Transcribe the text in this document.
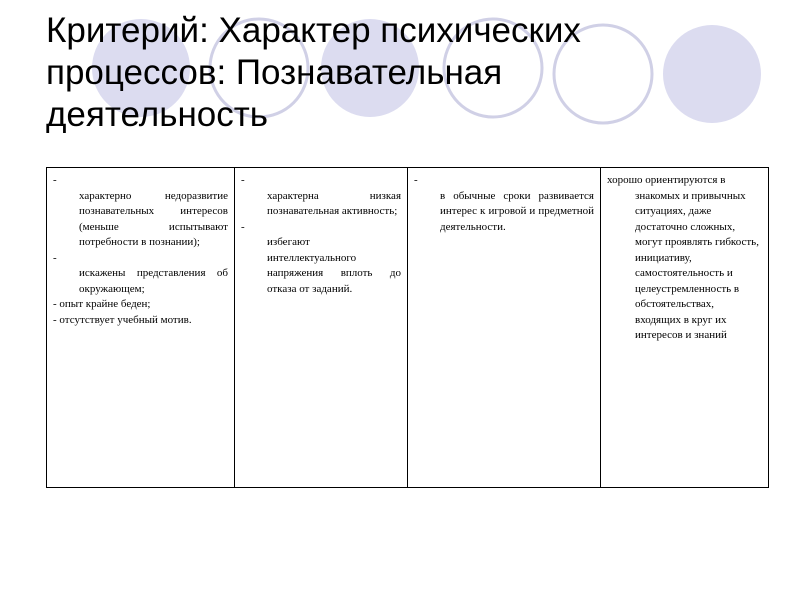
Критерий: Характер психических процессов: Познавательная деятельность
-
характерно недоразвитие познавательных интересов (меньше испытывают потребности в познании);
-
искажены представления об окружающем;
- опыт крайне беден;
- отсутствует учебный мотив.

-
характерна низкая познавательная активность;
-
избегают интеллектуального напряжения вплоть до отказа от заданий.

-
в обычные сроки развивается интерес к игровой и предметной деятельности.

хорошо ориентируются в
знакомых и привычных ситуациях, даже достаточно сложных, могут проявлять гибкость, инициативу, самостоятельность и целеустремленность в обстоятельствах, входящих в круг их интересов и знаний
